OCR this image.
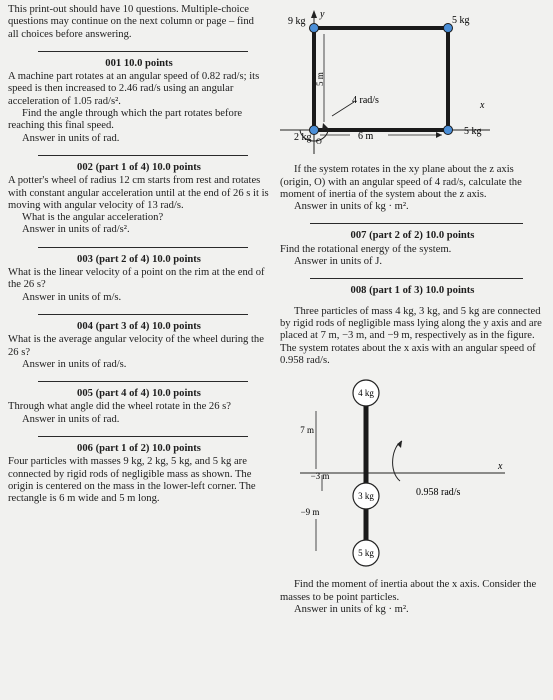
This print-out should have 10 questions. Multiple-choice questions may continue on the next column or page – find all choices before answering.

001 10.0 points

A machine part rotates at an angular speed of 0.82 rad/s; its speed is then increased to 2.46 rad/s using an angular acceleration of 1.05 rad/s².

Find the angle through which the part rotates before reaching this final speed.

Answer in units of rad.

002 (part 1 of 4) 10.0 points

A potter's wheel of radius 12 cm starts from rest and rotates with constant angular acceleration until at the end of 26 s it is moving with angular velocity of 13 rad/s.

What is the angular acceleration?

Answer in units of rad/s².

003 (part 2 of 4) 10.0 points

What is the linear velocity of a point on the rim at the end of the 26 s?

Answer in units of m/s.

004 (part 3 of 4) 10.0 points

What is the average angular velocity of the wheel during the 26 s?

Answer in units of rad/s.

005 (part 4 of 4) 10.0 points

Through what angle did the wheel rotate in the 26 s?

Answer in units of rad.

006 (part 1 of 2) 10.0 points

Four particles with masses 9 kg, 2 kg, 5 kg, and 5 kg are connected by rigid rods of negligible mass as shown. The origin is centered on the mass in the lower-left corner. The rectangle is 6 m wide and 5 m long.

y
x
9 kg	5 kg
2 kg
5 kg
5 m
6 m
4 rad/s
O

If the system rotates in the xy plane about the z axis (origin, O) with an angular speed of 4 rad/s, calculate the moment of inertia of the system about the z axis.

Answer in units of kg · m².

007 (part 2 of 2) 10.0 points

Find the rotational energy of the system.

Answer in units of J.

008 (part 1 of 3) 10.0 points

Three particles of mass 4 kg, 3 kg, and 5 kg are connected by rigid rods of negligible mass lying along the y axis and are placed at 7 m, −3 m, and −9 m, respectively as in the figure. The system rotates about the x axis with an angular speed of 0.958 rad/s.

x
4 kg
3 kg
5 kg
7 m
−3 m
−9 m
0.958 rad/s

Find the moment of inertia about the x axis. Consider the masses to be point particles.

Answer in units of kg · m².
